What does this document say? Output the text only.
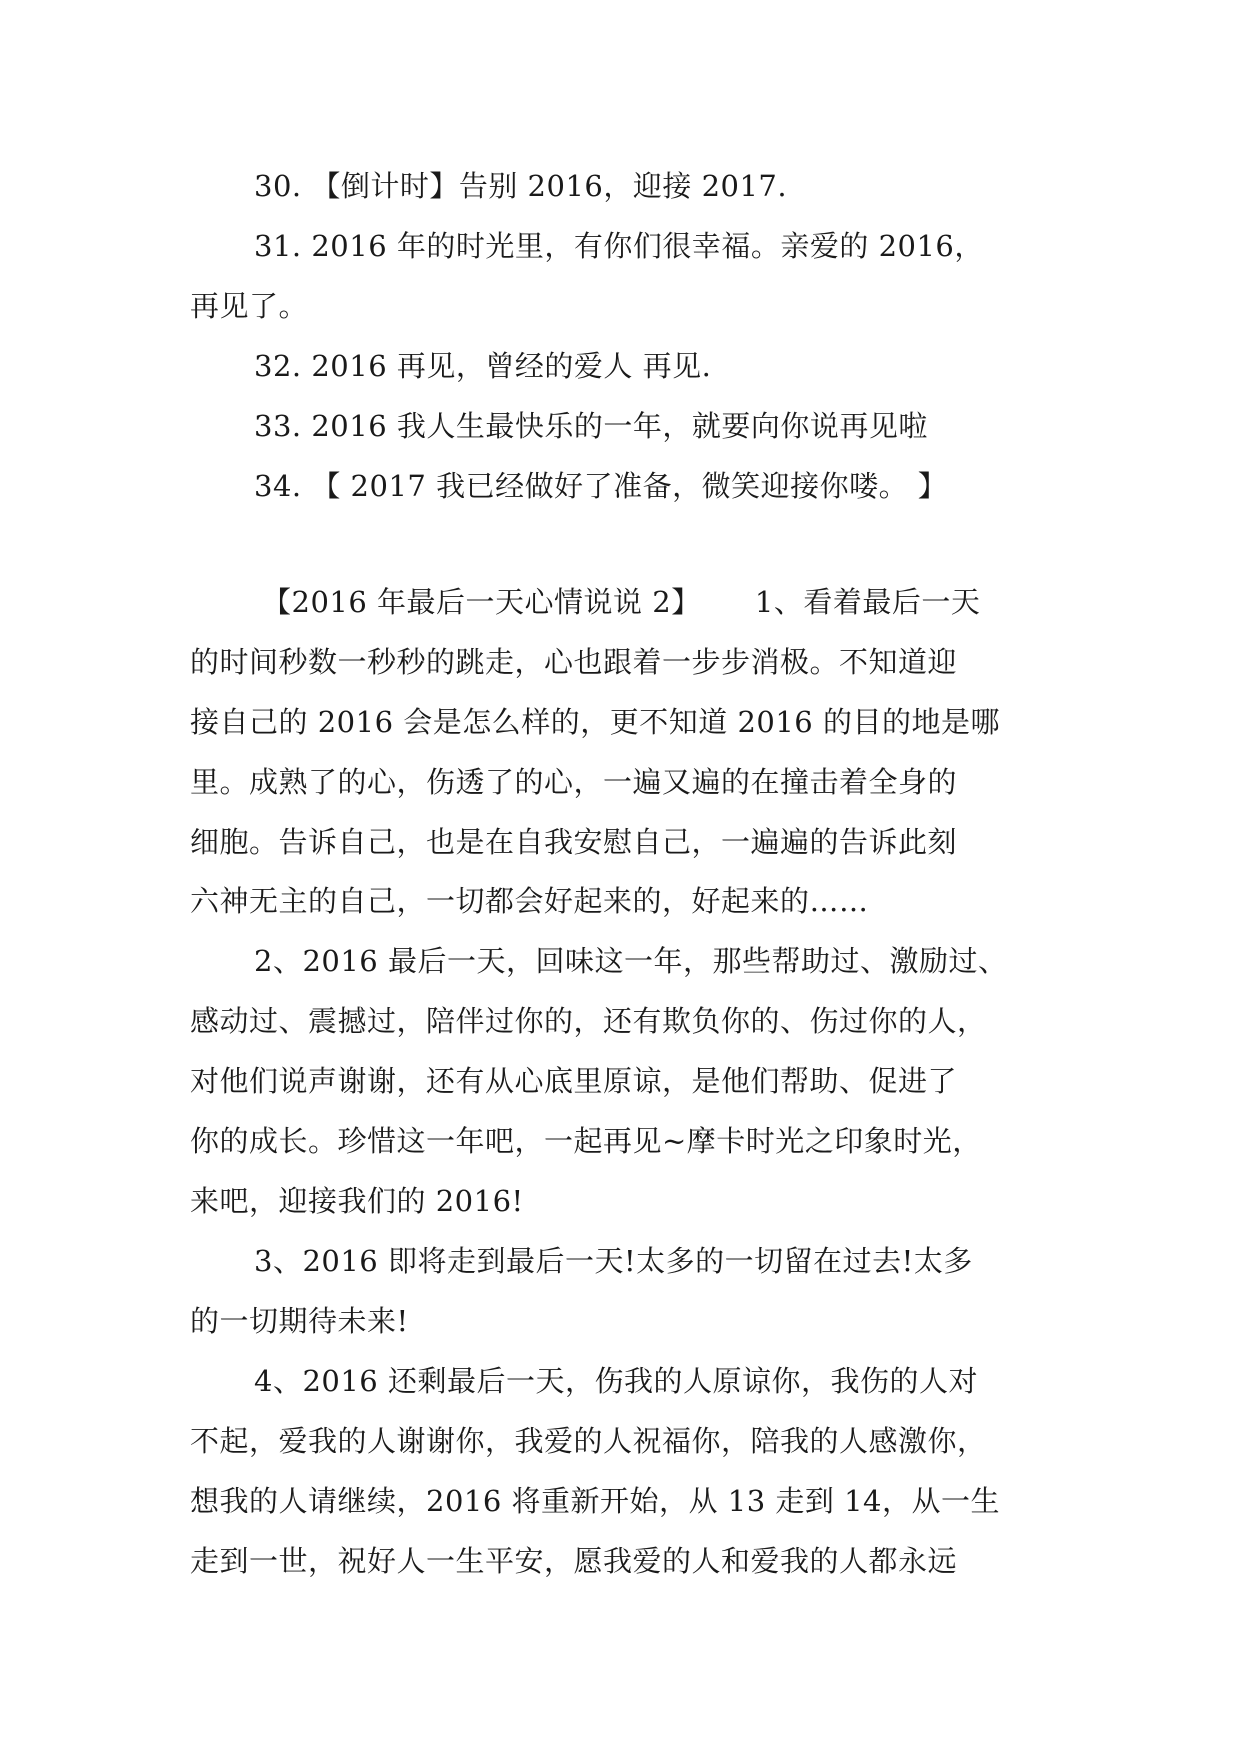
30. 【倒计时】告别 2016，迎接 2017.
31. 2016 年的时光里，有你们很幸福。亲爱的 2016，
再见了。
32. 2016 再见，曾经的爱人 再见.
33. 2016 我人生最快乐的一年，就要向你说再见啦
34. 【 2017 我已经做好了准备，微笑迎接你喽。 】
【2016 年最后一天心情说说 2】　　 1、看着最后一天
的时间秒数一秒秒的跳走，心也跟着一步步消极。不知道迎
接自己的 2016 会是怎么样的，更不知道 2016 的目的地是哪
里。成熟了的心，伤透了的心，一遍又遍的在撞击着全身的
细胞。告诉自己，也是在自我安慰自己，一遍遍的告诉此刻
六神无主的自己，一切都会好起来的，好起来的……
2、2016 最后一天，回味这一年，那些帮助过、激励过、
感动过、震撼过，陪伴过你的，还有欺负你的、伤过你的人，
对他们说声谢谢，还有从心底里原谅，是他们帮助、促进了
你的成长。珍惜这一年吧，一起再见~摩卡时光之印象时光，
来吧，迎接我们的 2016!
3、2016 即将走到最后一天!太多的一切留在过去!太多
的一切期待未来!
4、2016 还剩最后一天，伤我的人原谅你，我伤的人对
不起，爱我的人谢谢你，我爱的人祝福你，陪我的人感激你，
想我的人请继续，2016 将重新开始，从 13 走到 14，从一生
走到一世，祝好人一生平安，愿我爱的人和爱我的人都永远
